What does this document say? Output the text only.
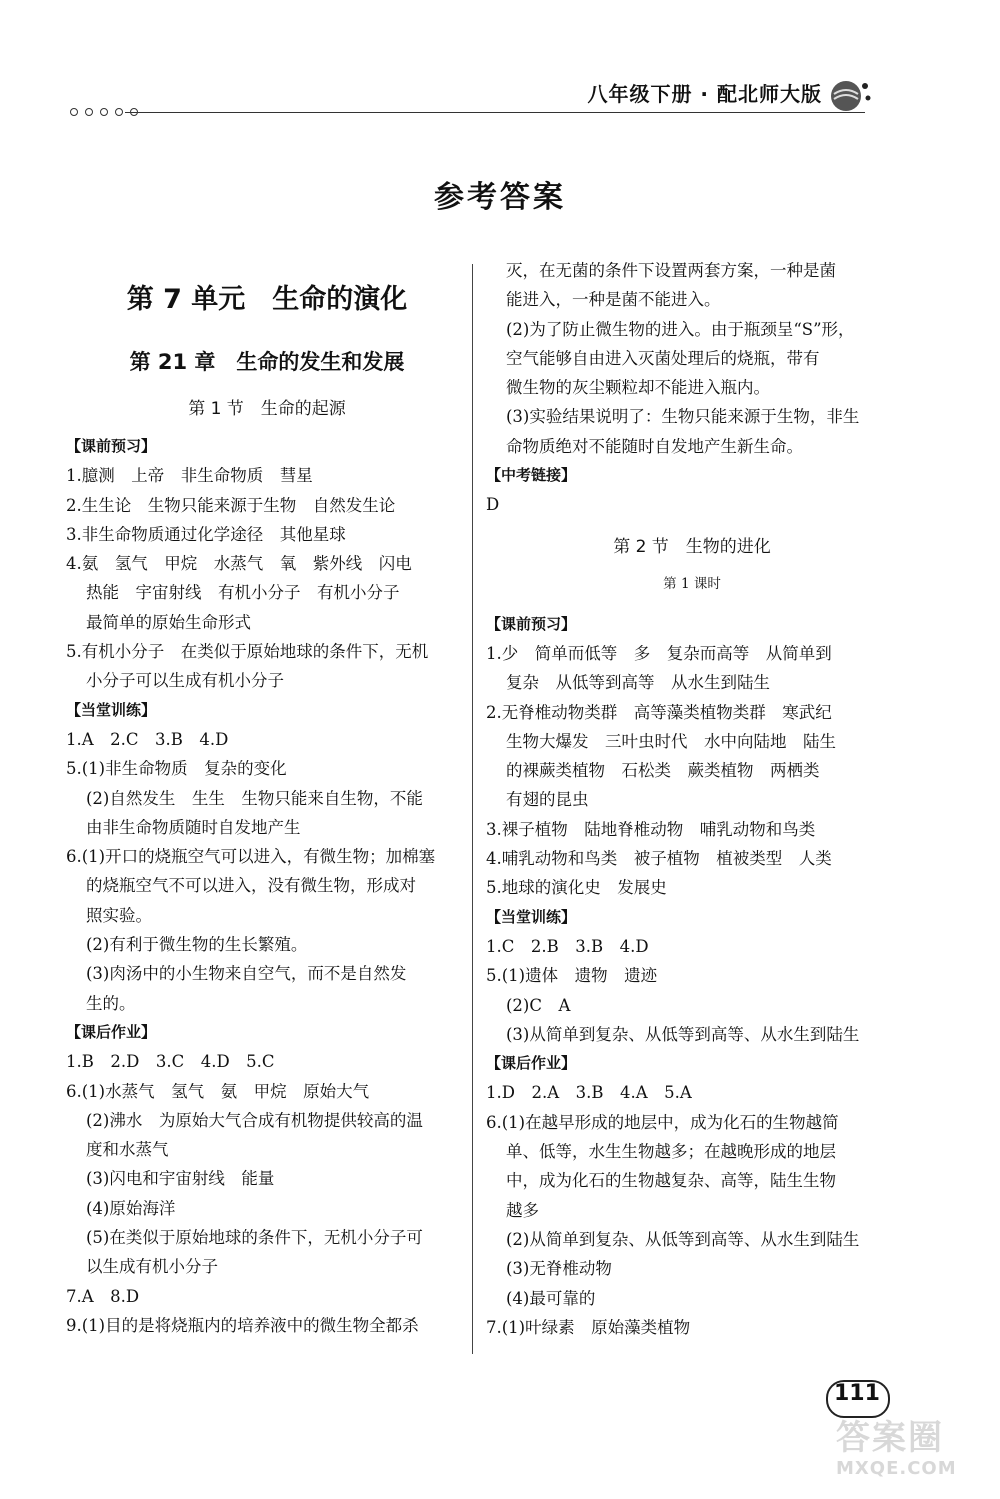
八年级下册 · 配北师大版
参考答案
第 7 单元　生命的演化
第 21 章　生命的发生和发展
第 1 节　生命的起源
【课前预习】
1.臆测　上帝　非生命物质　彗星
2.生生论　生物只能来源于生物　自然发生论
3.非生命物质通过化学途径　其他星球
4.氨　氢气　甲烷　水蒸气　氧　紫外线　闪电
热能　宇宙射线　有机小分子　有机小分子
最简单的原始生命形式
5.有机小分子　在类似于原始地球的条件下，无机
小分子可以生成有机小分子
【当堂训练】
1.A　2.C　3.B　4.D
5.(1)非生命物质　复杂的变化
(2)自然发生　生生　生物只能来自生物，不能
由非生命物质随时自发地产生
6.(1)开口的烧瓶空气可以进入，有微生物；加棉塞
的烧瓶空气不可以进入，没有微生物，形成对
照实验。
(2)有利于微生物的生长繁殖。
(3)肉汤中的小生物来自空气，而不是自然发
生的。
【课后作业】
1.B　2.D　3.C　4.D　5.C
6.(1)水蒸气　氢气　氨　甲烷　原始大气
(2)沸水　为原始大气合成有机物提供较高的温
度和水蒸气
(3)闪电和宇宙射线　能量
(4)原始海洋
(5)在类似于原始地球的条件下，无机小分子可
以生成有机小分子
7.A　8.D
9.(1)目的是将烧瓶内的培养液中的微生物全都杀
灭，在无菌的条件下设置两套方案，一种是菌
能进入，一种是菌不能进入。
(2)为了防止微生物的进入。由于瓶颈呈“S”形，
空气能够自由进入灭菌处理后的烧瓶，带有
微生物的灰尘颗粒却不能进入瓶内。
(3)实验结果说明了：生物只能来源于生物，非生
命物质绝对不能随时自发地产生新生命。
【中考链接】
D
第 2 节　生物的进化
第 1 课时
【课前预习】
1.少　简单而低等　多　复杂而高等　从简单到
复杂　从低等到高等　从水生到陆生
2.无脊椎动物类群　高等藻类植物类群　寒武纪
生物大爆发　三叶虫时代　水中向陆地　陆生
的裸蕨类植物　石松类　蕨类植物　两栖类
有翅的昆虫
3.裸子植物　陆地脊椎动物　哺乳动物和鸟类
4.哺乳动物和鸟类　被子植物　植被类型　人类
5.地球的演化史　发展史
【当堂训练】
1.C　2.B　3.B　4.D
5.(1)遗体　遗物　遗迹
(2)C　A
(3)从简单到复杂、从低等到高等、从水生到陆生
【课后作业】
1.D　2.A　3.B　4.A　5.A
6.(1)在越早形成的地层中，成为化石的生物越简
单、低等，水生生物越多；在越晚形成的地层
中，成为化石的生物越复杂、高等，陆生生物
越多
(2)从简单到复杂、从低等到高等、从水生到陆生
(3)无脊椎动物
(4)最可靠的
7.(1)叶绿素　原始藻类植物
111
答案圈
MXQE.COM
